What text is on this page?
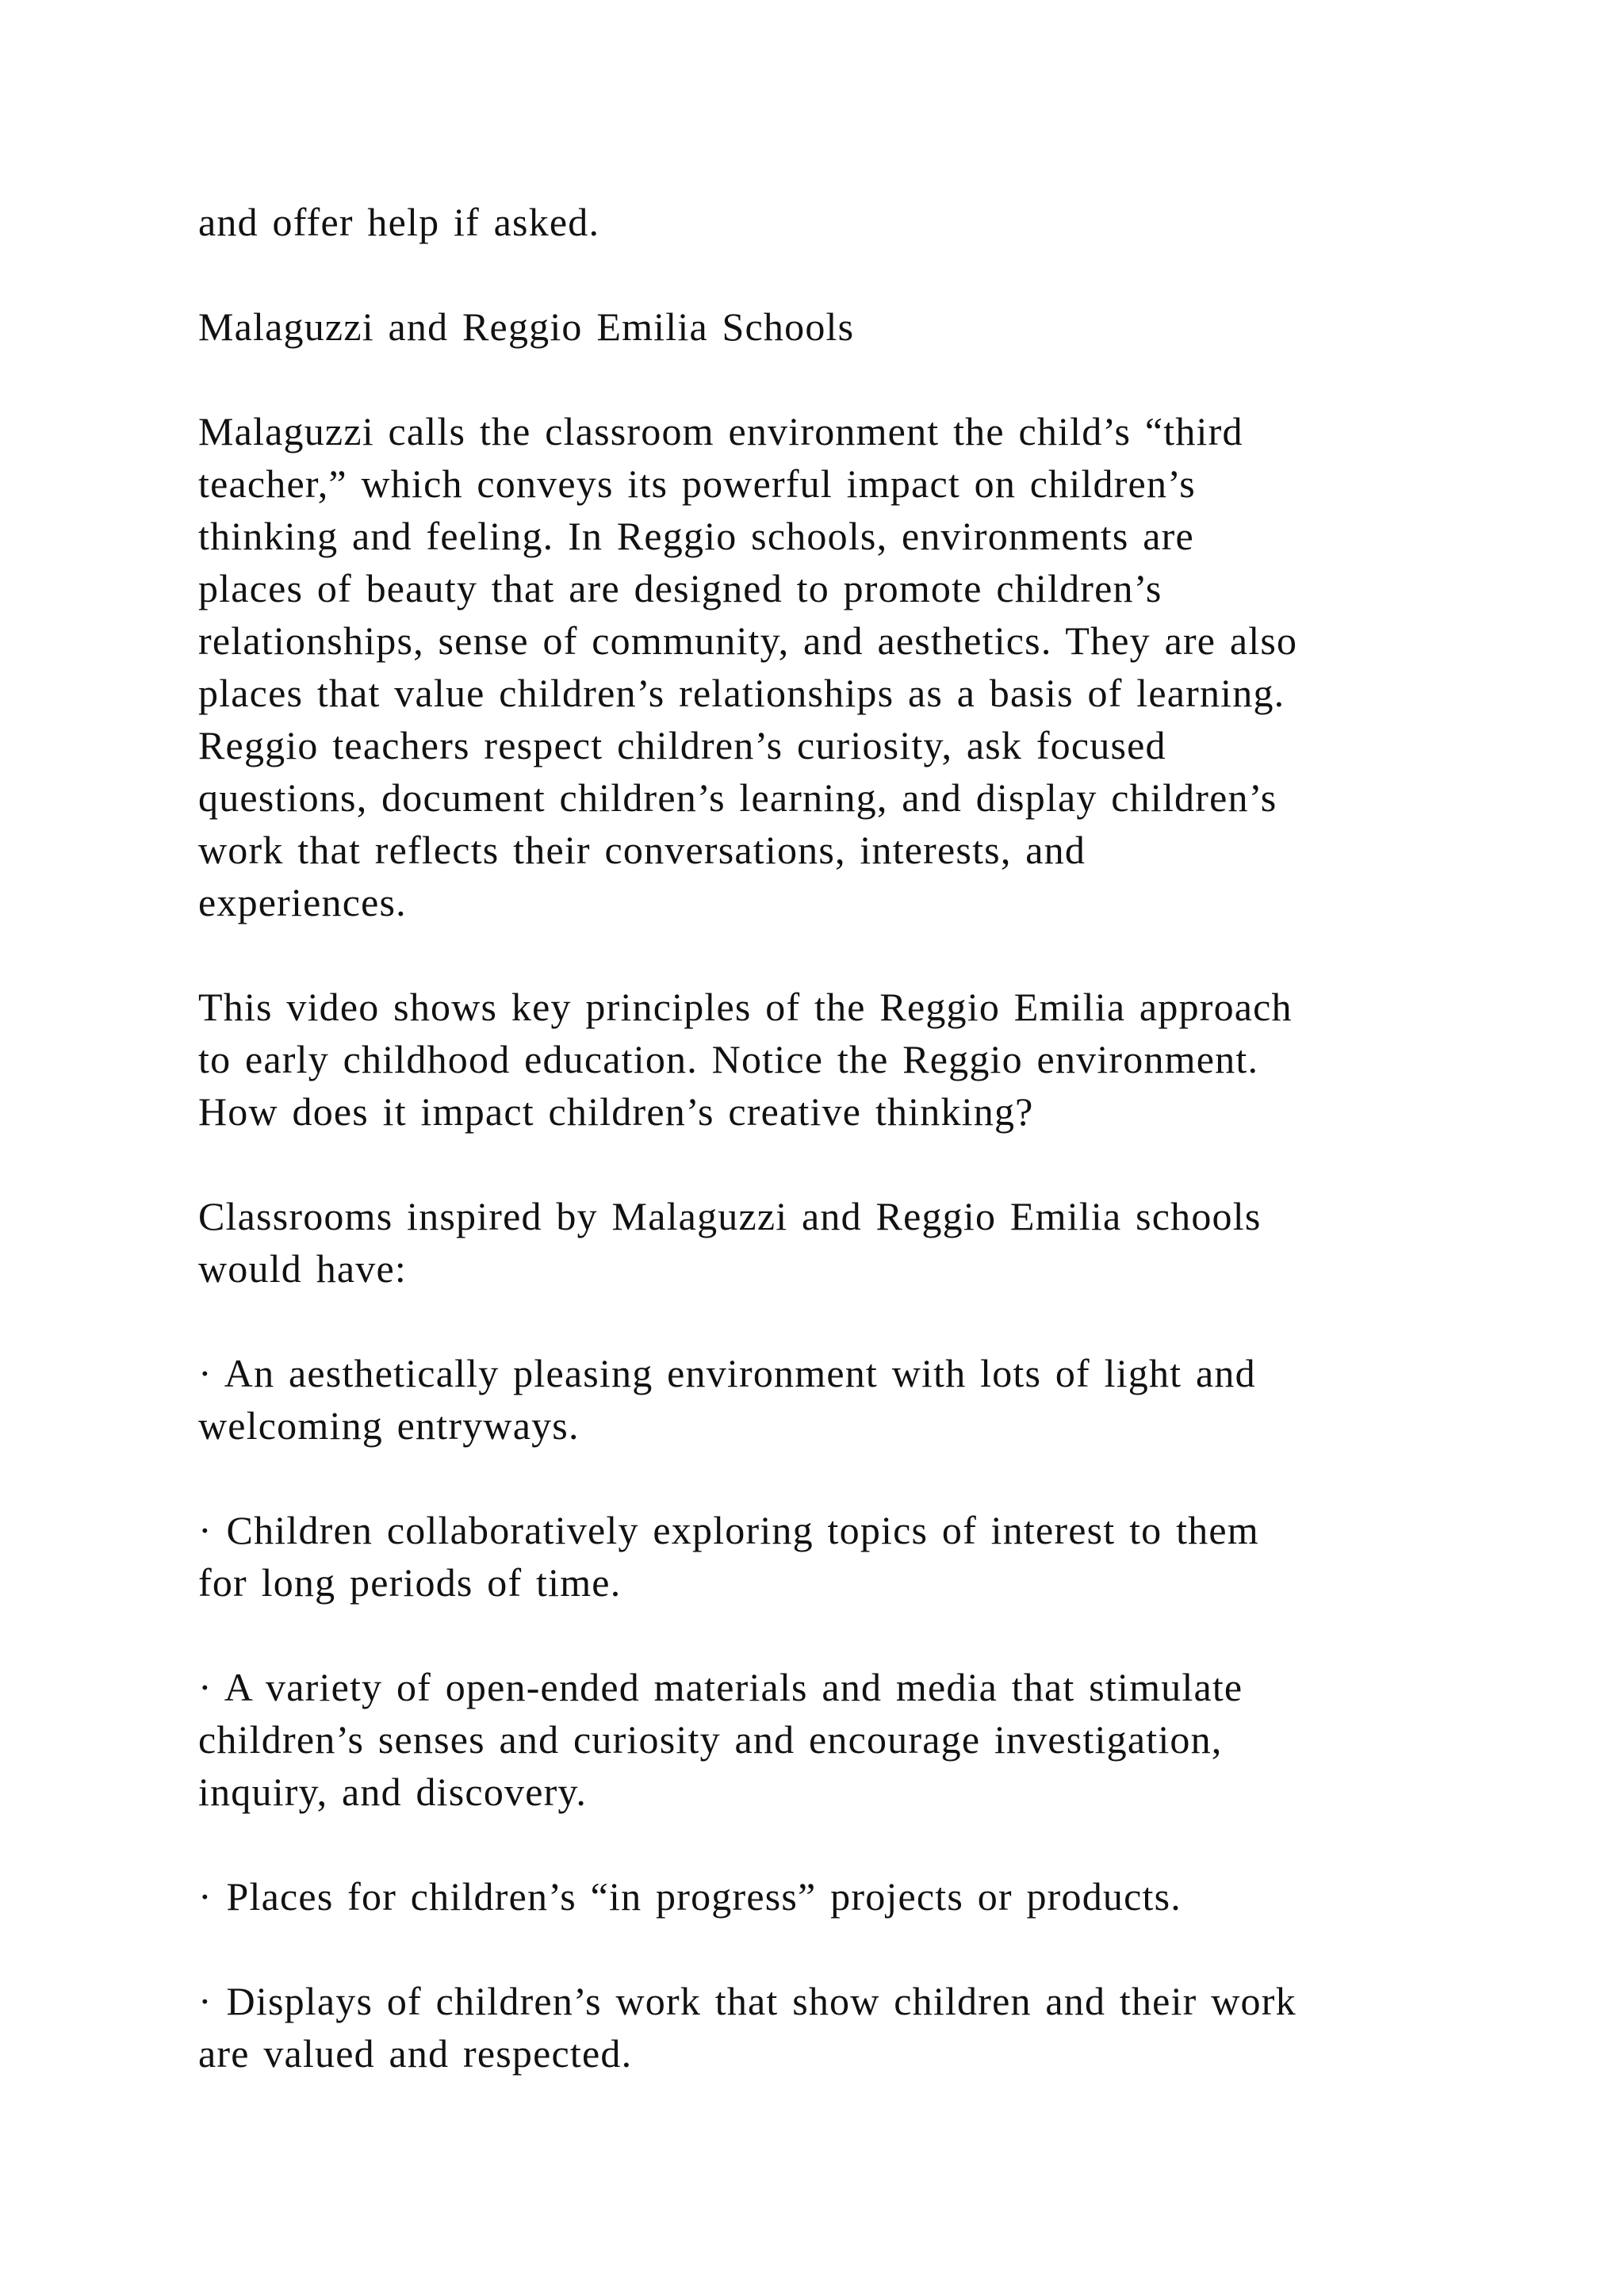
and offer help if asked.

Malaguzzi and Reggio Emilia Schools

Malaguzzi calls the classroom environment the child’s “third
teacher,” which conveys its powerful impact on children’s
thinking and feeling. In Reggio schools, environments are
places of beauty that are designed to promote children’s
relationships, sense of community, and aesthetics. They are also
places that value children’s relationships as a basis of learning.
Reggio teachers respect children’s curiosity, ask focused
questions, document children’s learning, and display children’s
work that reflects their conversations, interests, and
experiences.

This video shows key principles of the Reggio Emilia approach
to early childhood education. Notice the Reggio environment.
How does it impact children’s creative thinking?

Classrooms inspired by Malaguzzi and Reggio Emilia schools
would have:

· An aesthetically pleasing environment with lots of light and
welcoming entryways.

· Children collaboratively exploring topics of interest to them
for long periods of time.

· A variety of open-ended materials and media that stimulate
children’s senses and curiosity and encourage investigation,
inquiry, and discovery.

· Places for children’s “in progress” projects or products.

· Displays of children’s work that show children and their work
are valued and respected.
